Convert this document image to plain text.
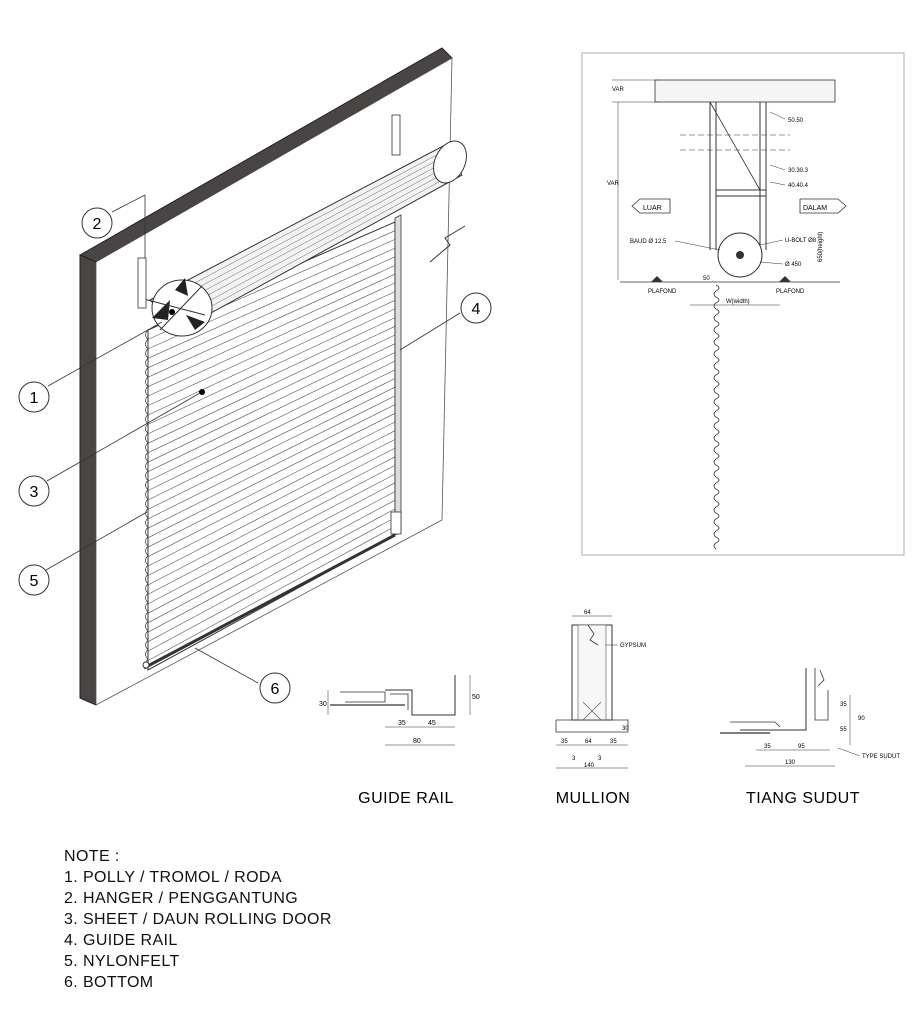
1
2
3
4
5
6
VAR
VAR
50.50
30.30.3
40.40.4
LUAR	DALAM
BAUD Ø 12.5	U-BOLT Ø8
Ø 450
650(height)
PLAFOND	PLAFOND
50
W(width)
50
30
35	45
80
64
GYPSUM
35	64	35
30
3	3
140
35
90
55
35	95
130
TYPE SUDUT
GUIDE RAIL	MULLION	TIANG SUDUT
NOTE :
1. POLLY / TROMOL / RODA
2. HANGER / PENGGANTUNG
3. SHEET / DAUN ROLLING DOOR
4. GUIDE RAIL
5. NYLONFELT
6. BOTTOM
